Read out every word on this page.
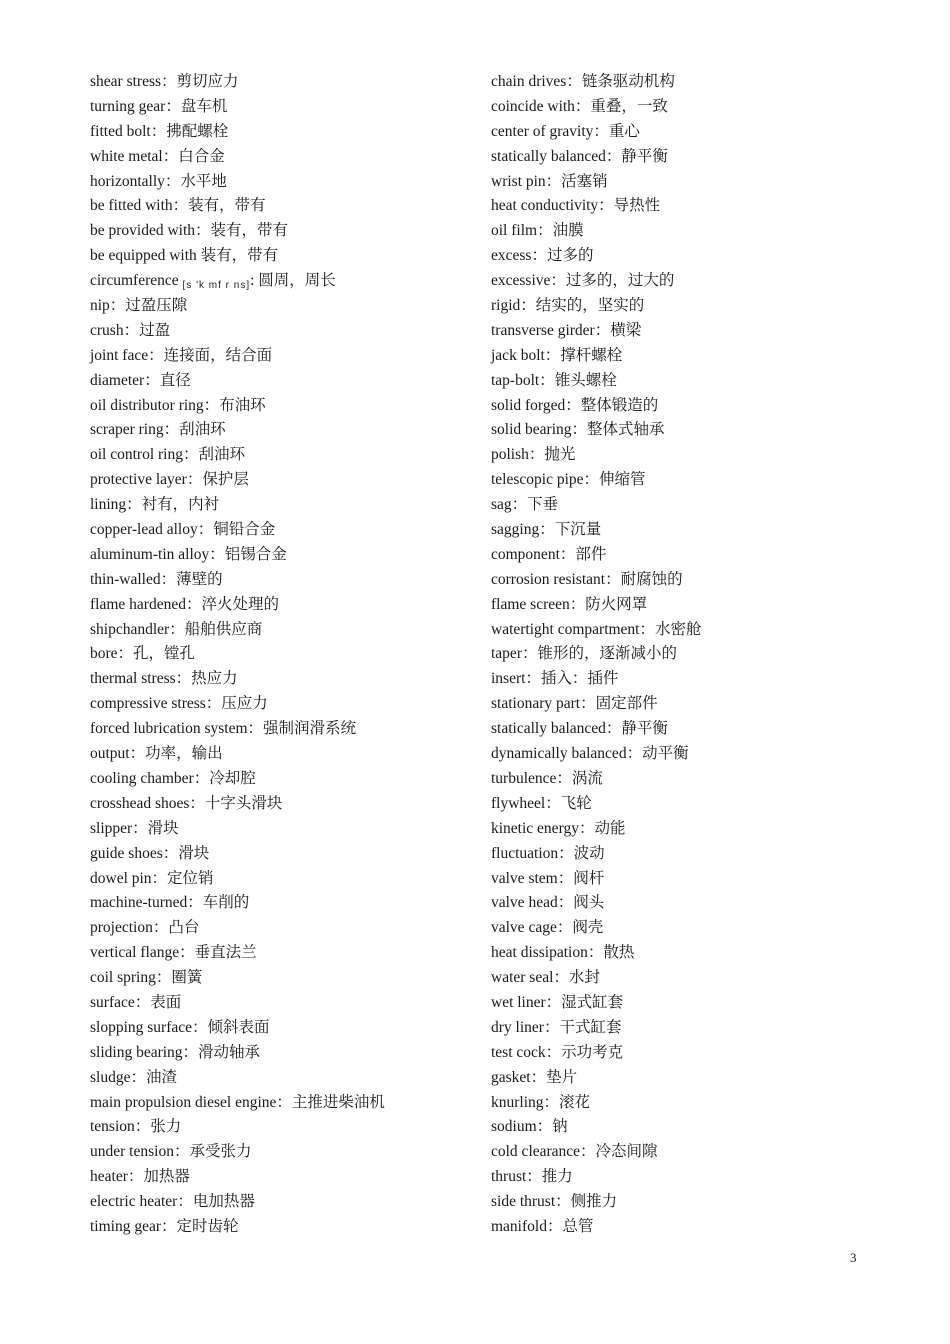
shear stress：剪切应力
turning gear：盘车机
fitted bolt：拂配螺栓
white metal：白合金
horizontally：水平地
be fitted with：装有，带有
be provided with：装有，带有
be equipped with 装有，带有
circumference [s 'k mf r ns]: 圆周，周长
nip：过盈压隙
crush：过盈
joint face：连接面，结合面
diameter：直径
oil distributor ring：布油环
scraper ring：刮油环
oil control ring：刮油环
protective layer：保护层
lining：衬有，内衬
copper-lead alloy：铜铅合金
aluminum-tin alloy：铝锡合金
thin-walled：薄壁的
flame hardened：淬火处理的
shipchandler：船舶供应商
bore：孔，镗孔
thermal stress：热应力
compressive stress：压应力
forced lubrication system：强制润滑系统
output：功率，输出
cooling chamber：冷却腔
crosshead shoes：十字头滑块
slipper：滑块
guide shoes：滑块
dowel pin：定位销
machine-turned：车削的
projection：凸台
vertical flange：垂直法兰
coil spring：圈簧
surface：表面
slopping surface：倾斜表面
sliding bearing：滑动轴承
sludge：油渣
main propulsion diesel engine：主推进柴油机
tension：张力
under tension：承受张力
heater：加热器
electric heater：电加热器
timing gear：定时齿轮
chain drives：链条驱动机构
coincide with：重叠，一致
center of gravity：重心
statically balanced：静平衡
wrist pin：活塞销
heat conductivity：导热性
oil film：油膜
excess：过多的
excessive：过多的，过大的
rigid：结实的，坚实的
transverse girder：横梁
jack bolt：撑杆螺栓
tap-bolt：锥头螺栓
solid forged：整体锻造的
solid bearing：整体式轴承
polish：抛光
telescopic pipe：伸缩管
sag：下垂
sagging：下沉量
component：部件
corrosion resistant：耐腐蚀的
flame screen：防火网罩
watertight compartment：水密舱
taper：锥形的，逐渐减小的
insert：插入：插件
stationary part：固定部件
statically balanced：静平衡
dynamically balanced：动平衡
turbulence：涡流
flywheel：飞轮
kinetic energy：动能
fluctuation：波动
valve stem：阀杆
valve head：阀头
valve cage：阀壳
heat dissipation：散热
water seal：水封
wet liner：湿式缸套
dry liner：干式缸套
test cock：示功考克
gasket：垫片
knurling：滚花
sodium：钠
cold clearance：冷态间隙
thrust：推力
side thrust：侧推力
manifold：总管
3
